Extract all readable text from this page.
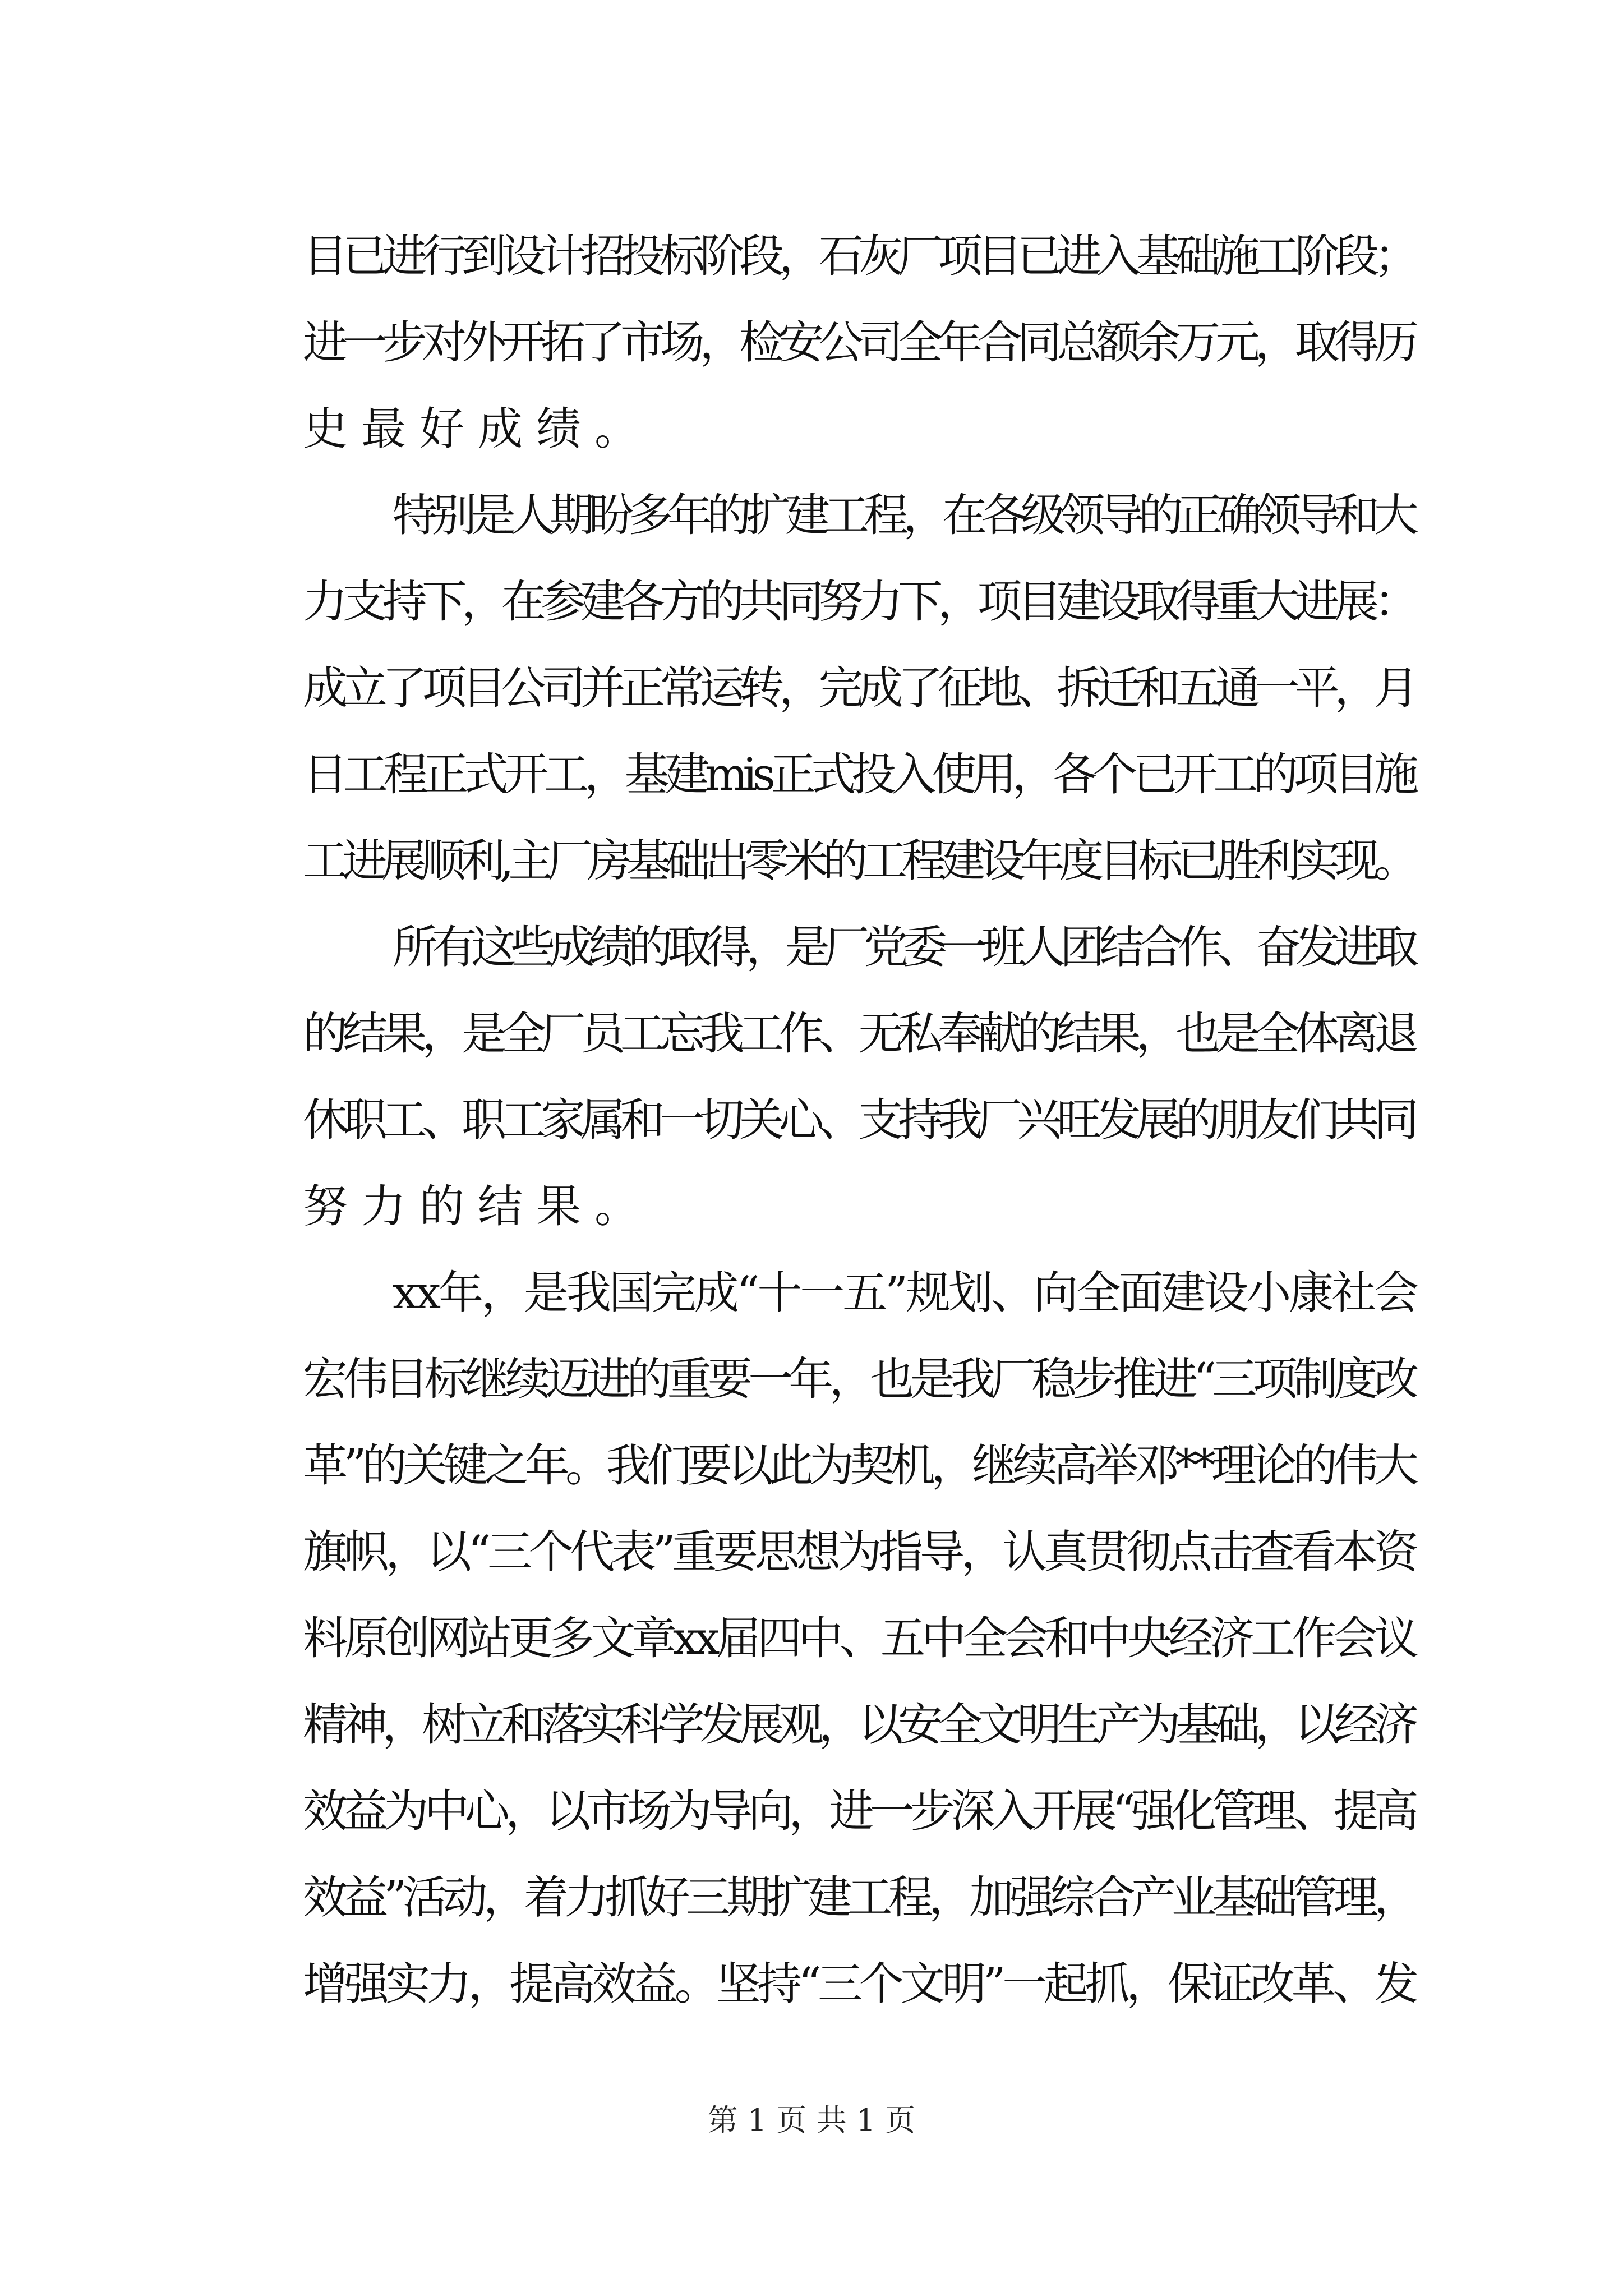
目已进行到设计招投标阶段，石灰厂项目已进入基础施工阶段；
进一步对外开拓了市场，检安公司全年合同总额余万元，取得历
史最好成绩。
特别是人期盼多年的扩建工程，在各级领导的正确领导和大
力支持下，在参建各方的共同努力下，项目建设取得重大进展：
成立了项目公司并正常运转，完成了征地、拆迁和五通一平，月
日工程正式开工，基建mis正式投入使用，各个已开工的项目施
工进展顺利,主厂房基础出零米的工程建设年度目标已胜利实现。
所有这些成绩的取得，是厂党委一班人团结合作、奋发进取
的结果，是全厂员工忘我工作、无私奉献的结果，也是全体离退
休职工、职工家属和一切关心、支持我厂兴旺发展的朋友们共同
努力的结果。
xx年，是我国完成“十一五”规划、向全面建设小康社会
宏伟目标继续迈进的重要一年，也是我厂稳步推进“三项制度改
革”的关键之年。我们要以此为契机，继续高举邓**理论的伟大
旗帜，以“三个代表”重要思想为指导，认真贯彻点击查看本资
料原创网站更多文章xx届四中、五中全会和中央经济工作会议
精神，树立和落实科学发展观，以安全文明生产为基础，以经济
效益为中心，以市场为导向，进一步深入开展“强化管理、提高
效益”活动，着力抓好三期扩建工程，加强综合产业基础管理，
增强实力，提高效益。坚持“三个文明”一起抓，保证改革、发
第 1 页 共 1 页
